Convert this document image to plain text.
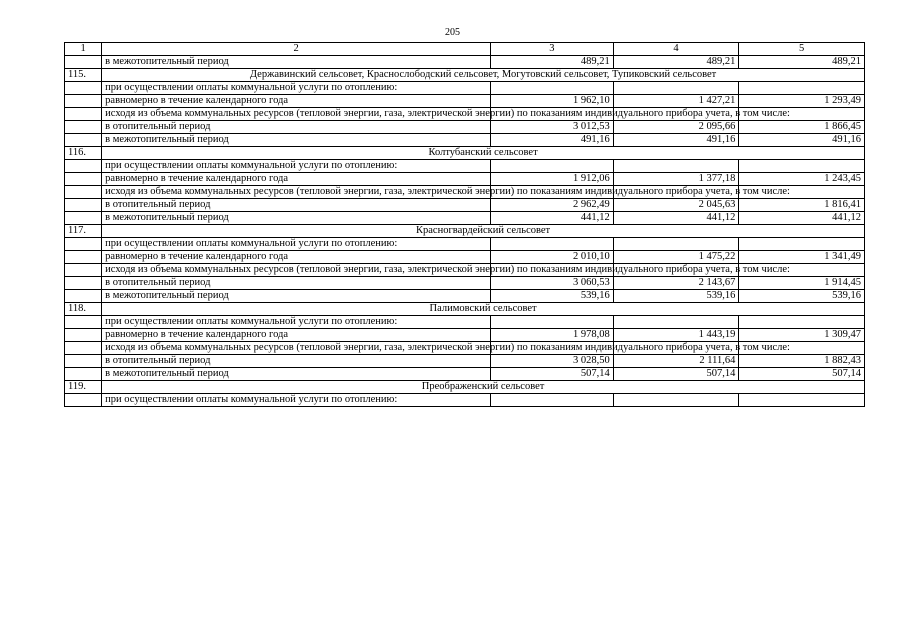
205
1	2	3	4	5
	в межотопительный период	489,21	489,21	489,21
115.	Державинский сельсовет, Краснослободский сельсовет, Могутовский сельсовет, Тупиковский сельсовет			
	при осуществлении оплаты коммунальной услуги по отоплению:			
	равномерно в течение календарного года	1 962,10	1 427,21	1 293,49
	исходя из объема коммунальных ресурсов (тепловой энергии, газа, электрической энергии) по показаниям индивидуального прибора учета, в том числе:			
	в отопительный период	3 012,53	2 095,66	1 866,45
	в межотопительный период	491,16	491,16	491,16
116.	Колтубанский сельсовет			
	при осуществлении оплаты коммунальной услуги по отоплению:			
	равномерно в течение календарного года	1 912,06	1 377,18	1 243,45
	исходя из объема коммунальных ресурсов (тепловой энергии, газа, электрической энергии) по показаниям индивидуального прибора учета, в том числе:			
	в отопительный период	2 962,49	2 045,63	1 816,41
	в межотопительный период	441,12	441,12	441,12
117.	Красногвардейский сельсовет			
	при осуществлении оплаты коммунальной услуги по отоплению:			
	равномерно в течение календарного года	2 010,10	1 475,22	1 341,49
	исходя из объема коммунальных ресурсов (тепловой энергии, газа, электрической энергии) по показаниям индивидуального прибора учета, в том числе:			
	в отопительный период	3 060,53	2 143,67	1 914,45
	в межотопительный период	539,16	539,16	539,16
118.	Палимовский сельсовет			
	при осуществлении оплаты коммунальной услуги по отоплению:			
	равномерно в течение календарного года	1 978,08	1 443,19	1 309,47
	исходя из объема коммунальных ресурсов (тепловой энергии, газа, электрической энергии) по показаниям индивидуального прибора учета, в том числе:			
	в отопительный период	3 028,50	2 111,64	1 882,43
	в межотопительный период	507,14	507,14	507,14
119.	Преображенский сельсовет			
	при осуществлении оплаты коммунальной услуги по отоплению:			
